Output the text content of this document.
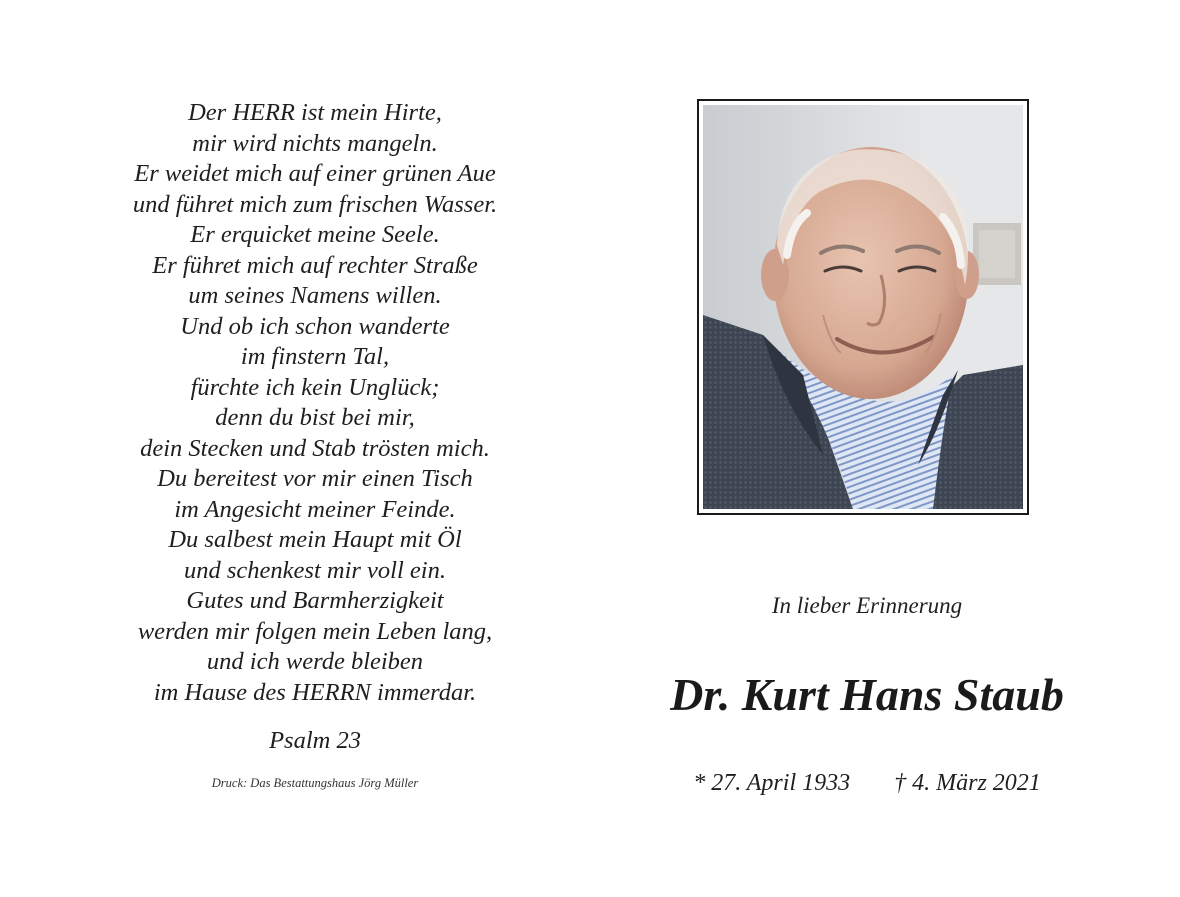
Der HERR ist mein Hirte,
mir wird nichts mangeln.
Er weidet mich auf einer grünen Aue
und führet mich zum frischen Wasser.
Er erquicket meine Seele.
Er führet mich auf rechter Straße
um seines Namens willen.
Und ob ich schon wanderte
im finstern Tal,
fürchte ich kein Unglück;
denn du bist bei mir,
dein Stecken und Stab trösten mich.
Du bereitest vor mir einen Tisch
im Angesicht meiner Feinde.
Du salbest mein Haupt mit Öl
und schenkest mir voll ein.
Gutes und Barmherzigkeit
werden mir folgen mein Leben lang,
und ich werde bleiben
im Hause des HERRN immerdar.
Psalm 23
Druck: Das Bestattungshaus Jörg Müller
In lieber Erinnerung
Dr. Kurt Hans Staub
* 27. April 1933 † 4. März 2021
